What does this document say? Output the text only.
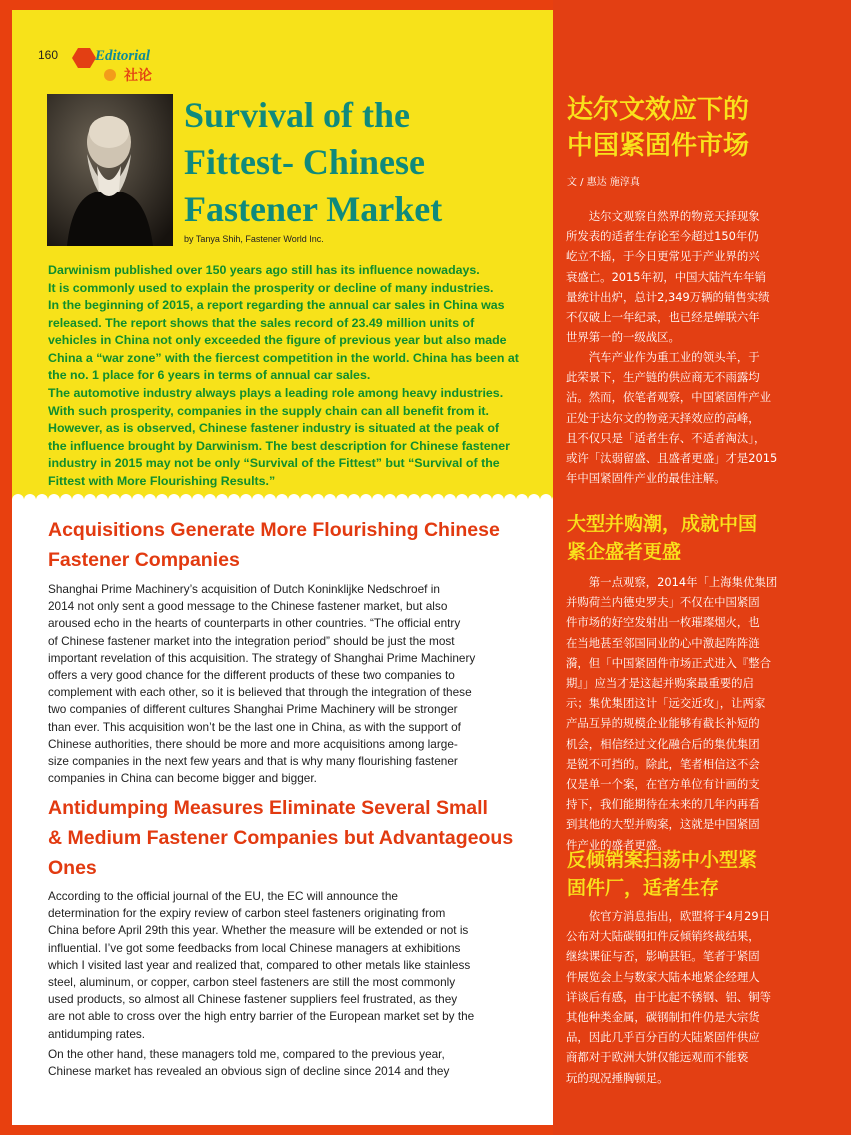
160 Editorial
社论
Survival of the
Fittest- Chinese
Fastener Market
by Tanya Shih, Fastener World Inc.
Darwinism published over 150 years ago still has its influence nowadays.
It is commonly used to explain the prosperity or decline of many industries.
In the beginning of 2015, a report regarding the annual car sales in China was
released. The report shows that the sales record of 23.49 million units of
vehicles in China not only exceeded the figure of previous year but also made
China a “war zone” with the fiercest competition in the world. China has been at
the no. 1 place for 6 years in terms of annual car sales.
The automotive industry always plays a leading role among heavy industries.
With such prosperity, companies in the supply chain can all benefit from it.
However, as is observed, Chinese fastener industry is situated at the peak of
the influence brought by Darwinism. The best description for Chinese fastener
industry in 2015 may not be only “Survival of the Fittest” but “Survival of the
Fittest with More Flourishing Results.”
Acquisitions Generate More Flourishing Chinese
Fastener Companies
Shanghai Prime Machinery’s acquisition of Dutch Koninklijke Nedschroef in
2014 not only sent a good message to the Chinese fastener market, but also
aroused echo in the hearts of counterparts in other countries. “The official entry
of Chinese fastener market into the integration period” should be just the most
important revelation of this acquisition. The strategy of Shanghai Prime Machinery
offers a very good chance for the different products of these two companies to
complement with each other, so it is believed that through the integration of these
two companies of different cultures Shanghai Prime Machinery will be stronger
than ever. This acquisition won’t be the last one in China, as with the support of
Chinese authorities, there should be more and more acquisitions among large-
size companies in the next few years and that is why many flourishing fastener
companies in China can become bigger and bigger.
Antidumping Measures Eliminate Several Small
& Medium Fastener Companies but Advantageous
Ones
According to the official journal of the EU, the EC will announce the
determination for the expiry review of carbon steel fasteners originating from
China before April 29th this year. Whether the measure will be extended or not is
influential. I’ve got some feedbacks from local Chinese managers at exhibitions
which I visited last year and realized that, compared to other metals like stainless
steel, aluminum, or copper, carbon steel fasteners are still the most commonly
used products, so almost all Chinese fastener suppliers feel frustrated, as they
are not able to cross over the high entry barrier of the European market set by the
antidumping rates.
On the other hand, these managers told me, compared to the previous year,
Chinese market has revealed an obvious sign of decline since 2014 and they
达尔文效应下的
中国紧固件市场
文 / 惠达 施淳真
　　达尔文观察自然界的物竞天择现象
所发表的适者生存论至今超过150年仍
屹立不摇，于今日更常见于产业界的兴
衰盛亡。2015年初，中国大陆汽车年销
量统计出炉，总计2,349万辆的销售实绩
不仅破上一年纪录，也已经是蝉联六年
世界第一的一级战区。
　　汽车产业作为重工业的领头羊，于
此荣景下，生产链的供应商无不雨露均
沾。然而，依笔者观察，中国紧固件产业
正处于达尔文的物竞天择效应的高峰，
且不仅只是「适者生存、不适者淘汰」，
或许「汰弱留盛、且盛者更盛」才是2015
年中国紧固件产业的最佳注解。
大型并购潮，成就中国
紧企盛者更盛
　　第一点观察，2014年「上海集优集团
并购荷兰内德史罗夫」不仅在中国紧固
件市场的好空发射出一枚璀璨烟火，也
在当地甚至邻国同业的心中激起阵阵涟
漪，但「中国紧固件市场正式进入『整合
期』」应当才是这起并购案最重要的启
示；集优集团这计「远交近攻」，让两家
产品互异的规模企业能够有截长补短的
机会，相信经过文化融合后的集优集团
是锐不可挡的。除此，笔者相信这不会
仅是单一个案，在官方单位有计画的支
持下，我们能期待在未来的几年内再看
到其他的大型并购案，这就是中国紧固
件产业的盛者更盛。
反倾销案扫荡中小型紧
固件厂，适者生存
　　依官方消息指出，欧盟将于4月29日
公布对大陆碳钢扣件反倾销终裁结果，
继续课征与否，影响甚钜。笔者于紧固
件展览会上与数家大陆本地紧企经理人
详谈后有感，由于比起不锈钢、铝、铜等
其他种类金属，碳钢制扣件仍是大宗货
品，因此几乎百分百的大陆紧固件供应
商都对于欧洲大饼仅能远观而不能亵
玩的现况捶胸顿足。
